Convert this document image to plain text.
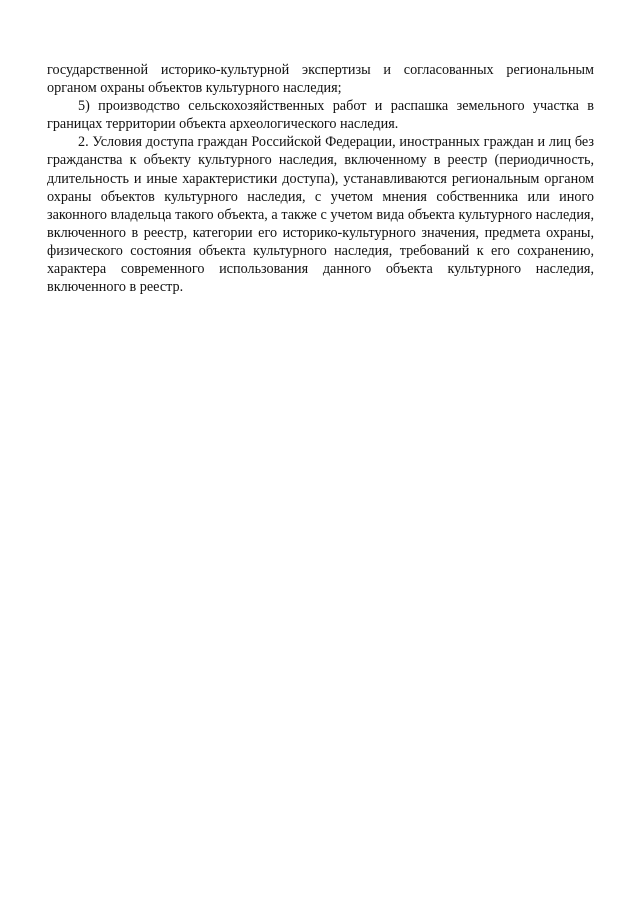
государственной историко-культурной экспертизы и согласованных региональным органом охраны объектов культурного наследия;

5) производство сельскохозяйственных работ и распашка земельного участка в границах территории объекта археологического наследия.

2. Условия доступа граждан Российской Федерации, иностранных граждан и лиц без гражданства к объекту культурного наследия, включенному в реестр (периодичность, длительность и иные характеристики доступа), устанавливаются региональным органом охраны объектов культурного наследия, с учетом мнения собственника или иного законного владельца такого объекта, а также с учетом вида объекта культурного наследия, включенного в реестр, категории его историко-культурного значения, предмета охраны, физического состояния объекта культурного наследия, требований к его сохранению, характера современного использования данного объекта культурного наследия, включенного в реестр.
